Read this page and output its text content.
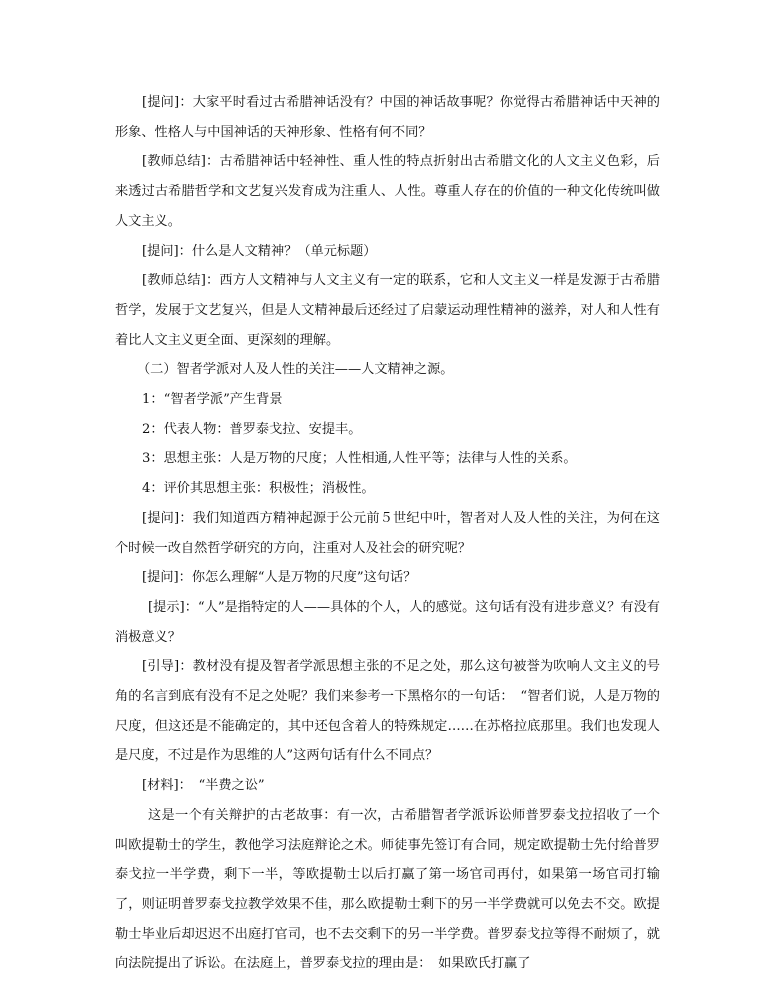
[提问]：大家平时看过古希腊神话没有？中国的神话故事呢？你觉得古希腊神话中天神的形象、性格人与中国神话的天神形象、性格有何不同？

[教师总结]：古希腊神话中轻神性、重人性的特点折射出古希腊文化的人文主义色彩，后来透过古希腊哲学和文艺复兴发育成为注重人、人性。尊重人存在的价值的一种文化传统叫做人文主义。

[提问]：什么是人文精神？（单元标题）

[教师总结]：西方人文精神与人文主义有一定的联系，它和人文主义一样是发源于古希腊哲学，发展于文艺复兴，但是人文精神最后还经过了启蒙运动理性精神的滋养，对人和人性有着比人文主义更全面、更深刻的理解。

（二）智者学派对人及人性的关注——人文精神之源。

1：“智者学派”产生背景

2：代表人物：普罗泰戈拉、安提丰。

3：思想主张：人是万物的尺度；人性相通,人性平等；法律与人性的关系。

4：评价其思想主张：积极性；消极性。

[提问]：我们知道西方精神起源于公元前５世纪中叶，智者对人及人性的关注，为何在这个时候一改自然哲学研究的方向，注重对人及社会的研究呢？

[提问]：你怎么理解“人是万物的尺度”这句话？

[提示]：“人”是指特定的人——具体的个人，人的感觉。这句话有没有进步意义？有没有消极意义？

[引导]：教材没有提及智者学派思想主张的不足之处，那么这句被誉为吹响人文主义的号角的名言到底有没有不足之处呢？我们来参考一下黑格尔的一句话：　“智者们说，人是万物的尺度，但这还是不能确定的，其中还包含着人的特殊规定……在苏格拉底那里。我们也发现人是尺度，不过是作为思维的人”这两句话有什么不同点？

[材料]：　“半费之讼”

这是一个有关辩护的古老故事：有一次，古希腊智者学派诉讼师普罗泰戈拉招收了一个叫欧提勒士的学生，教他学习法庭辩论之术。师徒事先签订有合同，规定欧提勒士先付给普罗泰戈拉一半学费，剩下一半，等欧提勒士以后打赢了第一场官司再付，如果第一场官司打输了，则证明普罗泰戈拉教学效果不佳，那么欧提勒士剩下的另一半学费就可以免去不交。欧提勒士毕业后却迟迟不出庭打官司，也不去交剩下的另一半学费。普罗泰戈拉等得不耐烦了，就向法院提出了诉讼。在法庭上，普罗泰戈拉的理由是：　如果欧氏打赢了
